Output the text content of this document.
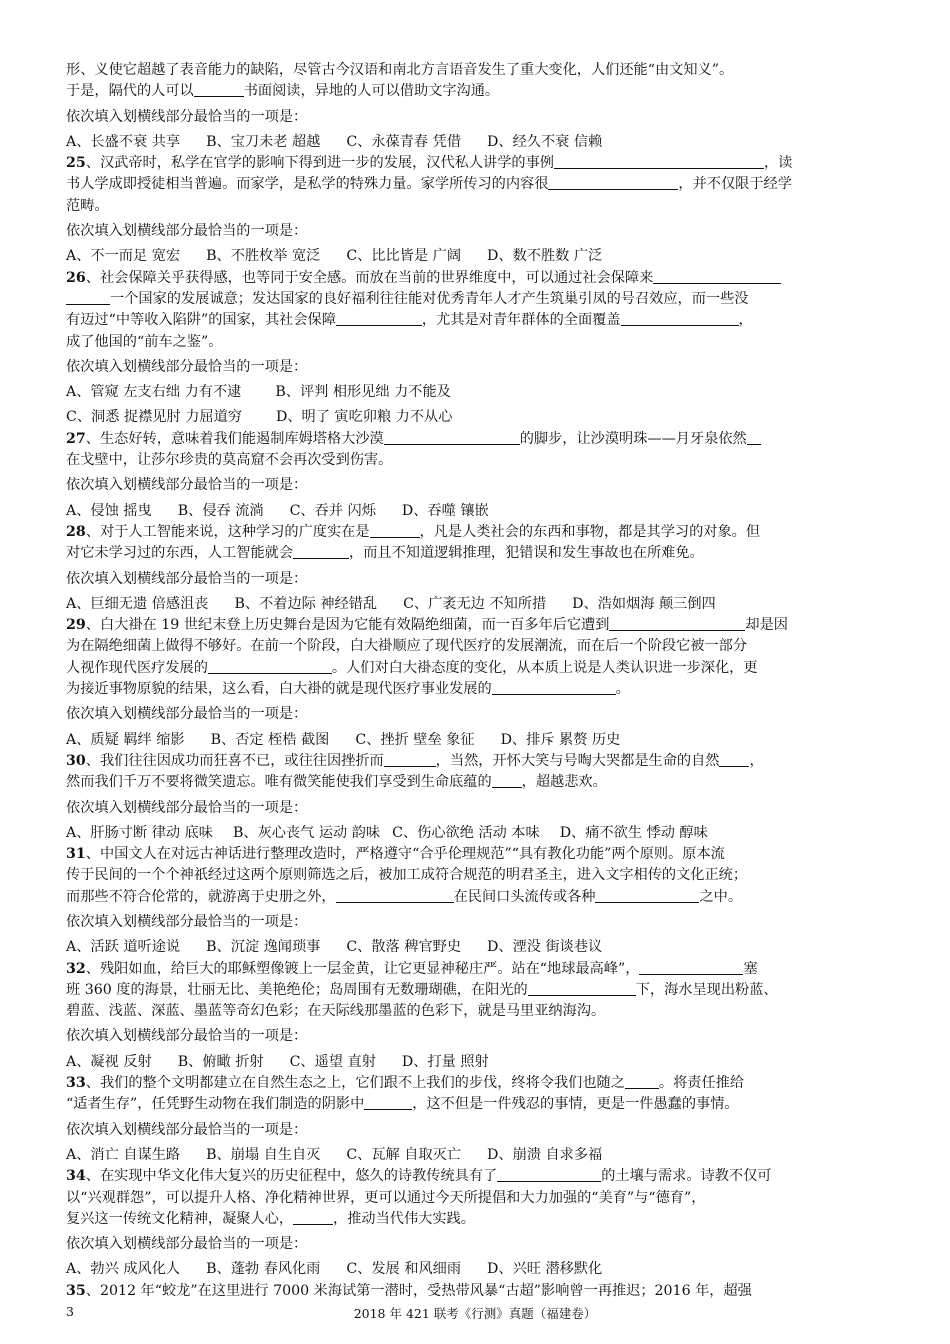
形、义使它超越了表音能力的缺陷，尽管古今汉语和南北方言语音发生了重大变化，人们还能“由文知义”。
于是，隔代的人可以	书面阅读，异地的人可以借助文字沟通。
依次填入划横线部分最恰当的一项是：
A、长盛不衰 共享 B、宝刀未老 超越 C、永葆青春 凭借 D、经久不衰 信赖
25、汉武帝时，私学在官学的影响下得到进一步的发展，汉代私人讲学的事例	，读
书人学成即授徒相当普遍。而家学，是私学的特殊力量。家学所传习的内容很	，并不仅限于经学
范畴。
依次填入划横线部分最恰当的一项是：
A、不一而足 宽宏 B、不胜枚举 宽泛 C、比比皆是 广阔 D、数不胜数 广泛
26、社会保障关乎获得感，也等同于安全感。而放在当前的世界维度中，可以通过社会保障来
一个国家的发展诚意；发达国家的良好福利往往能对优秀青年人才产生筑巢引凤的号召效应，而一些没
有迈过“中等收入陷阱”的国家，其社会保障	，尤其是对青年群体的全面覆盖	，
成了他国的“前车之鉴”。
依次填入划横线部分最恰当的一项是：
A、管窥 左支右绌 力有不逮 B、评判 相形见绌 力不能及
C、洞悉 捉襟见肘 力屈道穷 D、明了 寅吃卯粮 力不从心
27、生态好转，意味着我们能遏制库姆塔格大沙漠	的脚步，让沙漠明珠——月牙泉依然
在戈壁中，让莎尔珍贵的莫高窟不会再次受到伤害。
依次填入划横线部分最恰当的一项是：
A、侵蚀 摇曳 B、侵吞 流淌 C、吞并 闪烁 D、吞噬 镶嵌
28、对于人工智能来说，这种学习的广度实在是	，凡是人类社会的东西和事物，都是其学习的对象。但
对它未学习过的东西，人工智能就会	，而且不知道逻辑推理，犯错误和发生事故也在所难免。
依次填入划横线部分最恰当的一项是：
A、巨细无遗 倍感沮丧 B、不着边际 神经错乱 C、广袤无边 不知所措 D、浩如烟海 颠三倒四
29、白大褂在 19 世纪末登上历史舞台是因为它能有效隔绝细菌，而一百多年后它遭到	却是因
为在隔绝细菌上做得不够好。在前一个阶段，白大褂顺应了现代医疗的发展潮流，而在后一个阶段它被一部分
人视作现代医疗发展的	。人们对白大褂态度的变化，从本质上说是人类认识进一步深化，更
为接近事物原貌的结果，这么看，白大褂的就是现代医疗事业发展的	。
依次填入划横线部分最恰当的一项是：
A、质疑 羁绊 缩影 B、否定 桎梏 截图 C、挫折 壁垒 象征 D、排斥 累赘 历史
30、我们往往因成功而狂喜不已，或往往因挫折而	，当然，开怀大笑与号啕大哭都是生命的自然 ，
然而我们千万不要将微笑遗忘。唯有微笑能使我们享受到生命底蕴的 ，超越悲欢。
依次填入划横线部分最恰当的一项是：
A、肝肠寸断 律动 底味 B、灰心丧气 运动 韵味 C、伤心欲绝 活动 本味 D、痛不欲生 悸动 醇味
31、中国文人在对远古神话进行整理改造时，严格遵守“合乎伦理规范”“具有教化功能”两个原则。原本流
传于民间的一个个神祇经过这两个原则筛选之后，被加工成符合规范的明君圣主，进入文字相传的文化正统；
而那些不符合伦常的，就游离于史册之外，	在民间口头流传或各种	之中。
依次填入划横线部分最恰当的一项是：
A、活跃 道听途说 B、沉淀 逸闻琐事 C、散落 稗官野史 D、湮没 街谈巷议
32、残阳如血，给巨大的耶稣塑像镀上一层金黄，让它更显神秘庄严。站在“地球最高峰”，	塞
班 360 度的海景，壮丽无比、美艳绝伦；岛周围有无数珊瑚礁，在阳光的	下，海水呈现出粉蓝、
碧蓝、浅蓝、深蓝、墨蓝等奇幻色彩；在天际线那墨蓝的色彩下，就是马里亚纳海沟。
依次填入划横线部分最恰当的一项是：
A、凝视 反射 B、俯瞰 折射 C、遥望 直射 D、打量 照射
33、我们的整个文明都建立在自然生态之上，它们跟不上我们的步伐，终将令我们也随之 。将责任推给
“适者生存”，任凭野生动物在我们制造的阴影中	，这不但是一件残忍的事情，更是一件愚蠢的事情。
依次填入划横线部分最恰当的一项是：
A、消亡 自谋生路 B、崩塌 自生自灭 C、瓦解 自取灭亡 D、崩溃 自求多福
34、在实现中华文化伟大复兴的历史征程中，悠久的诗教传统具有了	的土壤与需求。诗教不仅可
以“兴观群怨”，可以提升人格、净化精神世界，更可以通过今天所提倡和大力加强的“美育”与“德育”，
复兴这一传统文化精神，凝聚人心，	，推动当代伟大实践。
依次填入划横线部分最恰当的一项是：
A、勃兴 成风化人 B、蓬勃 春风化雨 C、发展 和风细雨 D、兴旺 潜移默化
35、2012 年“蛟龙”在这里进行 7000 米海试第一潜时，受热带风暴“古超”影响曾一再推迟；2016 年，超强
3	2018 年 421 联考《行测》真题（福建卷）
